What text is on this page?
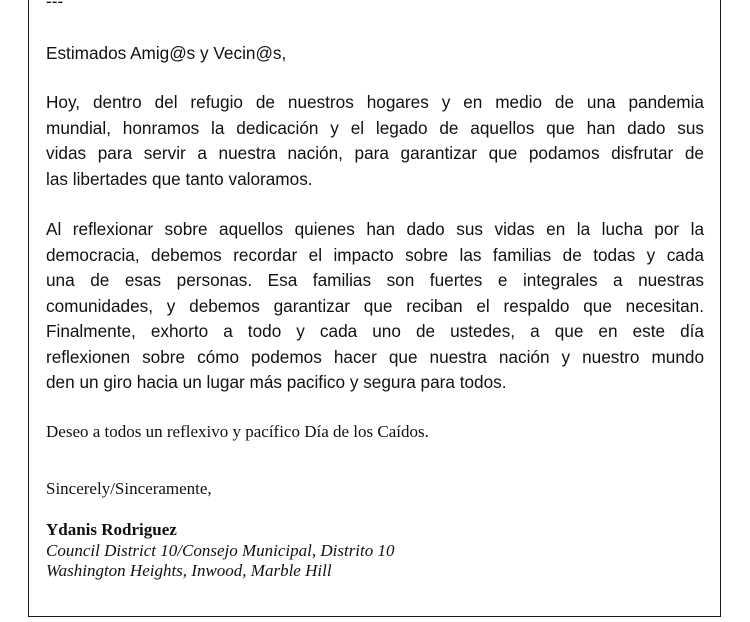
---
Estimados Amig@s y Vecin@s,

Hoy, dentro del refugio de nuestros hogares y en medio de una pandemia

mundial, honramos la dedicación y el legado de aquellos que han dado sus

vidas para servir a nuestra nación, para garantizar que podamos disfrutar de

las libertades que tanto valoramos.

Al reflexionar sobre aquellos quienes han dado sus vidas en la lucha por la

democracia, debemos recordar el impacto sobre las familias de todas y cada

una de esas personas. Esa familias son fuertes e integrales a nuestras

comunidades, y debemos garantizar que reciban el respaldo que necesitan.

Finalmente, exhorto a todo y cada uno de ustedes, a que en este día

reflexionen sobre cómo podemos hacer que nuestra nación y nuestro mundo

den un giro hacia un lugar más pacifico y segura para todos.

Deseo a todos un reflexivo y pacífico Día de los Caídos.
Sincerely/Sinceramente,
Ydanis Rodriguez
Council District 10/Consejo Municipal, Distrito 10
Washington Heights, Inwood, Marble Hill
